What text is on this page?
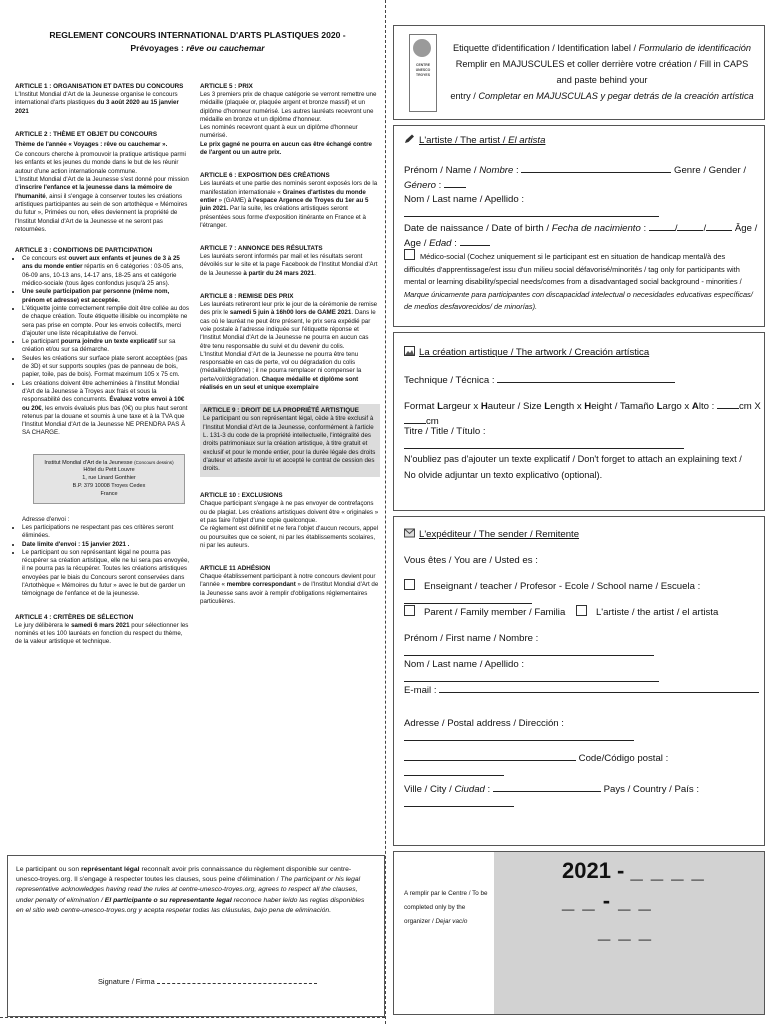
REGLEMENT CONCOURS INTERNATIONAL D'ARTS PLASTIQUES 2020 -
Prévoyages : rêve ou cauchemar
ARTICLE 1 : ORGANISATION ET DATES DU CONCOURS
L'Institut Mondial d'Art de la Jeunesse organise le concours international d'arts plastiques du 3 août 2020 au 15 janvier 2021
ARTICLE 2 : THÈME ET OBJET DU CONCOURS
Thème de l'année « Voyages : rêve ou cauchemar ».
Ce concours cherche à promouvoir la pratique artistique parmi les enfants et les jeunes du monde dans le but de les réunir autour d'une action internationale commune.
L'Institut Mondial d'Art de la Jeunesse s'est donné pour mission d'inscrire l'enfance et la jeunesse dans la mémoire de l'humanité, ainsi il s'engage à conserver toutes les créations artistiques participantes au sein de son artothèque « Mémoires du futur », Primées ou non, elles deviennent la propriété de l'Institut Mondial d'Art de la Jeunesse et ne seront pas retournées.
ARTICLE 3 : CONDITIONS DE PARTICIPATION
• Ce concours est ouvert aux enfants et jeunes de 3 à 25 ans du monde entier répartis en 6 catégories : 03-05 ans, 06-09 ans, 10-13 ans, 14-17 ans, 18-25 ans et catégorie médico-sociale (tous âges confondus jusqu'à 25 ans).
• Une seule participation par personne (même nom, prénom et adresse) est acceptée.
• L'étiquette jointe correctement remplie doit être collée au dos de chaque création. Toute étiquette illisible ou incomplète ne sera pas prise en compte. Pour les envois collectifs, merci d'ajouter une liste récapitulative de l'envoi.
• Le participant pourra joindre un texte explicatif sur sa création et/ou sur sa démarche.
• Seules les créations sur surface plate seront acceptées (pas de 3D) et sur supports souples (pas de panneau de bois, papier, toile, pas de bois). Format maximum 105 x 75 cm.
• Les créations doivent être acheminées à l'Institut Mondial d'Art de la Jeunesse à Troyes aux frais et sous la responsabilité des concurrents. Évaluez votre envoi à 10€ ou 20€, les envois évalués plus bas (0€) ou plus haut seront retenus par la douane et soumis à une taxe et à la TVA que l'Institut Mondial d'Art de la Jeunesse NE PRENDRA PAS À SA CHARGE.
Institut Mondial d'Art de la Jeunesse (Concours dessins)
Hôtel du Petit Louvre
1, rue Linard Gonthier
B.P. 379 10008 Troyes Cedex
France
Adresse d'envoi :
• Les participations ne respectant pas ces critères seront éliminées.
• Date limite d'envoi : 15 janvier 2021 .
• Le participant ou son représentant légal ne pourra pas récupérer sa création artistique, elle ne lui sera pas envoyée, il ne pourra pas la récupérer. Toutes les créations artistiques envoyées par le biais du Concours seront conservées dans l'Artothèque « Mémoires du futur » avec le but de garder un témoignage de l'enfance et de la jeunesse.
ARTICLE 4 : CRITÈRES DE SÉLECTION
Le jury délibèrera le samedi 6 mars 2021 pour sélectionner les nominés et les 100 lauréats en fonction du respect du thème, de la valeur artistique et technique.
ARTICLE 5 : PRIX
Les 3 premiers prix de chaque catégorie se verront remettre une médaille (plaquée or, plaquée argent et bronze massif) et un diplôme d'honneur numérisé. Les autres lauréats recevront une médaille en bronze et un diplôme d'honneur.
Les nominés recevront quant à eux un diplôme d'honneur numérisé.
Le prix gagné ne pourra en aucun cas être échangé contre de l'argent ou un autre prix.
ARTICLE 6 : EXPOSITION DES CRÉATIONS
Les lauréats et une partie des nominés seront exposés lors de la manifestation internationale « Graines d'artistes du monde entier » (GAME) à l'espace Argence de Troyes du 1er au 5 juin 2021. Par la suite, les créations artistiques seront présentées sous forme d'exposition itinérante en France et à l'étranger.
ARTICLE 7 : ANNONCE DES RÉSULTATS
Les lauréats seront informés par mail et les résultats seront dévoilés sur le site et la page Facebook de l'Institut Mondial d'Art de la Jeunesse à partir du 24 mars 2021.
ARTICLE 8 : REMISE DES PRIX
Les lauréats retireront leur prix le jour de la cérémonie de remise des prix le samedi 5 juin à 16h00 lors de GAME 2021. Dans le cas où le lauréat ne peut être présent, le prix sera expédié par voie postale à l'adresse indiquée sur l'étiquette réponse et l'Institut Mondial d'Art de la Jeunesse ne pourra en aucun cas être tenu responsable du suivi et du devenir du colis.
L'Institut Mondial d'Art de la Jeunesse ne pourra être tenu responsable en cas de perte, vol ou dégradation du colis (médaille/diplôme) ; il ne pourra remplacer ni compenser la perte/vol/dégradation. Chaque médaille et diplôme sont réalisés en un seul et unique exemplaire
ARTICLE 9 : DROIT DE LA PROPRIÉTÉ ARTISTIQUE
Le participant ou son représentant légal, cède à titre exclusif à l'Institut Mondial d'Art de la Jeunesse, conformément à l'article L. 131-3 du code de la propriété intellectuelle, l'intégralité des droits patrimoniaux sur la création artistique, à titre gratuit et exclusif et pour le monde entier, pour la durée légale des droits d'auteur et atteste avoir lu et accepté le contrat de cession des droits.
ARTICLE 10 : EXCLUSIONS
Chaque participant s'engage à ne pas envoyer de contrefaçons ou de plagiat. Les créations artistiques doivent être « originales » et pas faire l'objet d'une copie quelconque.
Ce règlement est définitif et ne fera l'objet d'aucun recours, appel ou poursuites que ce soient, ni par les établissements scolaires, ni par les auteurs.
ARTICLE 11 ADHÉSION
Chaque établissement participant à notre concours devient pour l'année « membre correspondant » de l'Institut Mondial d'Art de la Jeunesse sans avoir à remplir d'obligations réglementaires particulières.
Le participant ou son représentant légal reconnaît avoir pris connaissance du règlement disponible sur centre-unesco-troyes.org. Il s'engage à respecter toutes les clauses, sous peine d'élimination / The participant or his legal representative acknowledges having read the rules at centre-unesco-troyes.org, agrees to respect all the clauses, under penalty of elimination / El participante o su representante legal reconoce haber leído las reglas disponibles en el sitio web centre-unesco-troyes.org y acepta respetar todas las cláusulas, bajo pena de eliminación.
Signature / Firma
CENTRE
UNESCO
TROYES
Etiquette d'identification / Identification label / Formulario de identificación
Remplir en MAJUSCULES et coller derrière votre création / Fill in CAPS and paste behind your
entry / Completar en MAJUSCULAS y pegar detrás de la creación artística
L'artiste / The artist / El artista
Prénom / Name / Nombre :	Genre / Gender / Género :
Nom / Last name / Apellido :
Date de naissance / Date of birth / Fecha de nacimiento :	/	/	Âge / Age / Edad :
Médico-social (Cochez uniquement si le participant est en situation de handicap mental/à des difficultés d'apprentissage/est issu d'un milieu social défavorisé/minorités / tag only for participants with mental or learning disability/special needs/comes from a disadvantaged social background - minorities / Marque únicamente para participantes con discapacidad intelectual o necesidades educativas específicas/ de medios desfavorecidos/ de minorías).
La création artistique / The artwork / Creación artística
Technique / Técnica :
Format Largeur x Hauteur / Size Length x Height / Tamaño Largo x Alto :	cm X cm
Titre / Title / Título :
N'oubliez pas d'ajouter un texte explicatif / Don't forget to attach an explaining text / No olvide adjuntar un texto explicativo (optional).
L'expéditeur / The sender / Remitente
Vous êtes / You are / Usted es :
Enseignant / teacher / Profesor - Ecole / School name / Escuela :
Parent / Family member / Familia	L'artiste / the artist / el artista
Prénom / First name / Nombre :
Nom / Last name / Apellido :
E-mail :
Adresse / Postal address / Dirección :
Code/Código postal :
Ville / City / Ciudad :	Pays / Country / País :
A remplir par le Centre / To be completed only by the organizer / Dejar vacío
2021 - _ _ _ _
_ _ - _ _
_ _ _
